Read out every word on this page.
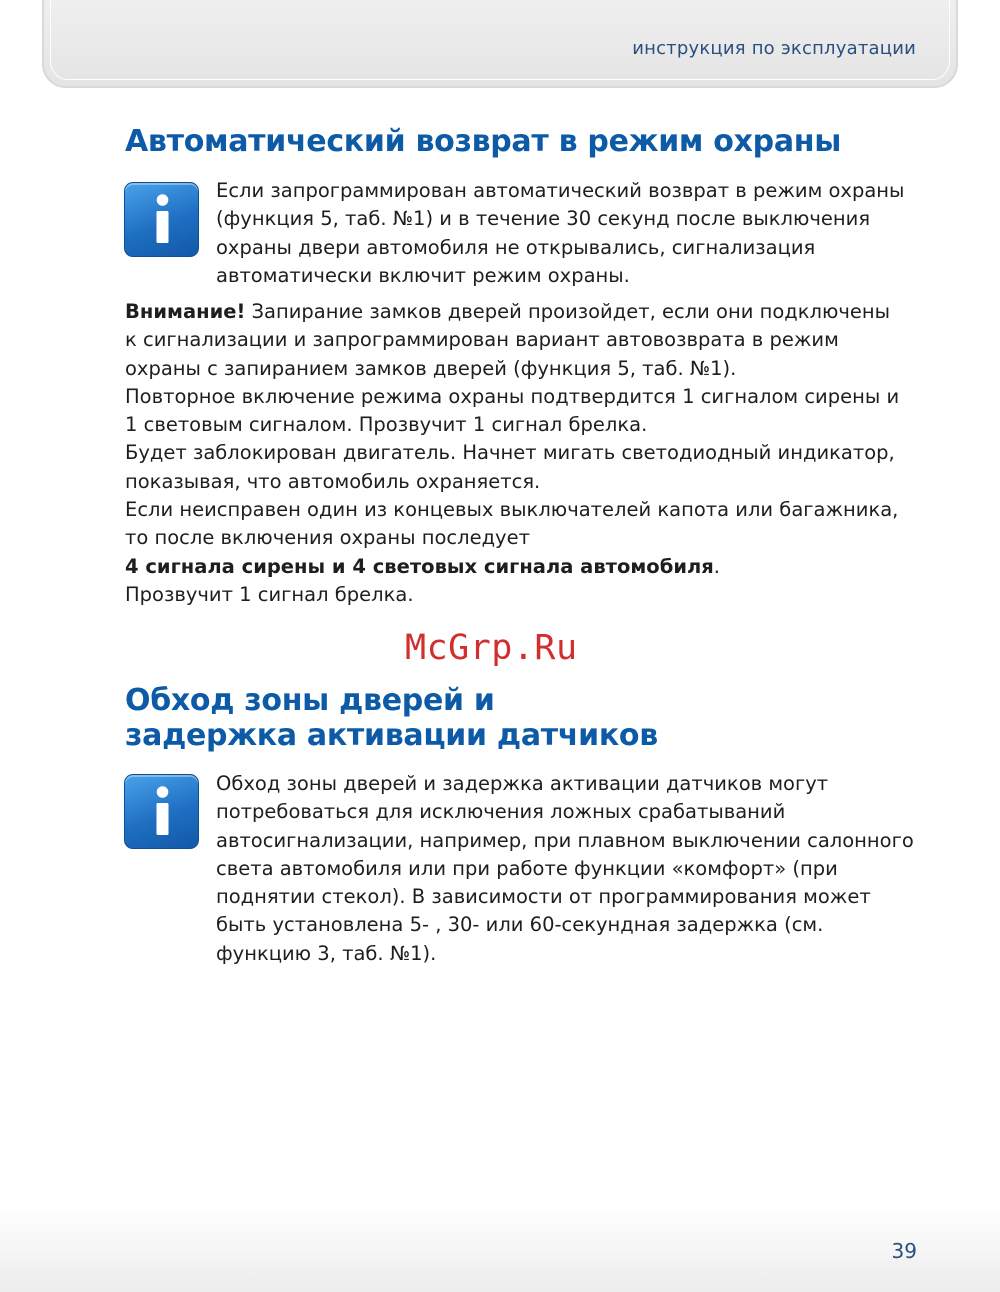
инструкция по эксплуатации
Автоматический возврат в режим охраны
Если запрограммирован автоматический возврат в режим охраны (функция 5, таб. №1) и в течение 30 секунд после выключения охраны двери автомобиля не открывались, сигнализация автоматически включит режим охраны.

Внимание! Запирание замков дверей произойдет, если они подключены к сигнализации и запрограммирован вариант автовозврата в режим охраны с запиранием замков дверей (функция 5, таб. №1).

Повторное включение режима охраны подтвердится 1 сигналом сирены и 1 световым сигналом. Прозвучит 1 сигнал брелка.

Будет заблокирован двигатель. Начнет мигать светодиодный индикатор, показывая, что автомобиль охраняется.

Если неисправен один из концевых выключателей капота или багажника, то после включения охраны последует
4 сигнала сирены и 4 световых сигнала автомобиля.

Прозвучит 1 сигнал брелка.

McGrp.Ru
Обход зоны дверей и
задержка активации датчиков
Обход зоны дверей и задержка активации датчиков могут потребоваться для исключения ложных срабатываний автосигнализации, например, при плавном выключении салонного света автомобиля или при работе функции «комфорт» (при поднятии стекол). В зависимости от программирования может быть установлена 5- , 30- или 60-секундная задержка (см. функцию 3, таб. №1).
39
